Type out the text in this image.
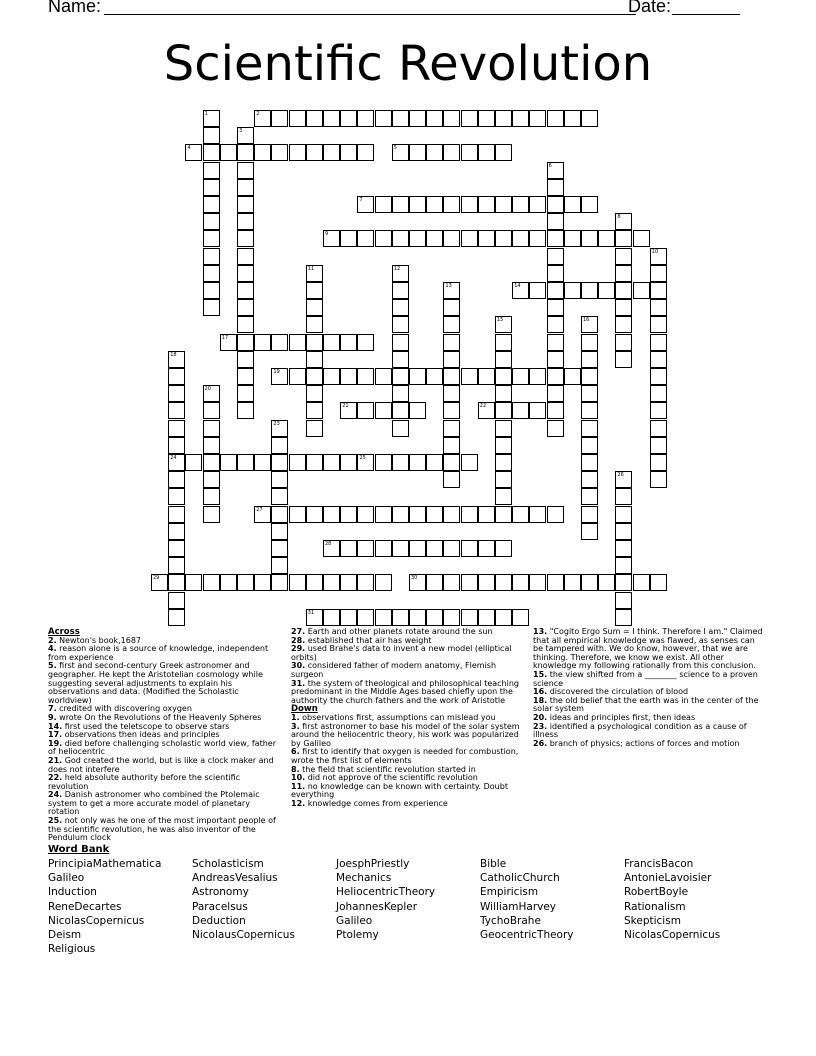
Name:	Date:
Scientific Revolution
1	2
3
4	5
6
7
8
9
10
11	12
13	14
15	16
17
18
24
19
20
21	22
23
25
26
27
28
29	30
31
Across
2. Newton's book,1687
4. reason alone is a source of knowledge, independent from experience
5. first and second-century Greek astronomer and geographer. He kept the Aristotelian cosmology while suggesting several adjustments to explain his observations and data. (Modified the Scholastic worldview)
7. credited with discovering oxygen
9. wrote On the Revolutions of the Heavenly Spheres
14. first used the teletscope to observe stars
17. observations then ideas and principles
19. died before challenging scholastic world view, father of heliocentric
21. God created the world, but is like a clock maker and does not interfere
22. held absolute authority before the scientific revolution
24. Danish astronomer who combined the Ptolemaic system to get a more accurate model of planetary rotation
25. not only was he one of the most important people of the scientific revolution, he was also inventor of the Pendulum clock
27. Earth and other planets rotate around the sun
28. established that air has weight
29. used Brahe's data to invent a new model (elliptical orbits)
30. considered father of modern anatomy, Flemish surgeon
31. the system of theological and philosophical teaching predominant in the Middle Ages based chiefly upon the authority the church fathers and the work of Aristotle
Down
1. observations first, assumptions can mislead you
3. first astronomer to base his model of the solar system around the heliocentric theory, his work was popularized by Galileo
6. first to identify that oxygen is needed for combustion, wrote the first list of elements
8. the field that scientific revolution started in
10. did not approve of the scientific revolution
11. no knowledge can be known with certainty. Doubt everything
12. knowledge comes from experience
13. "Cogito Ergo Sum = I think. Therefore I am." Claimed that all empirical knowledge was flawed, as senses can be tampered with. We do know, however, that we are thinking. Therefore, we know we exist. All other knowledge my following rationally from this conclusion.
15. the view shifted from a ________ science to a proven science
16. discovered the circulation of blood
18. the old belief that the earth was in the center of the solar system
20. ideas and principles first, then ideas
23. identified a psychological condition as a cause of illness
26. branch of physics; actions of forces and motion
Word Bank
PrincipiaMathematica
Galileo
Induction
ReneDecartes
NicolasCopernicus
Deism
Religious
Scholasticism
AndreasVesalius
Astronomy
Paracelsus
Deduction
NicolausCopernicus
JoesphPriestly
Mechanics
HeliocentricTheory
JohannesKepler
Galileo
Ptolemy
Bible
CatholicChurch
Empiricism
WilliamHarvey
TychoBrahe
GeocentricTheory
FrancisBacon
AntonieLavoisier
RobertBoyle
Rationalism
Skepticism
NicolasCopernicus
